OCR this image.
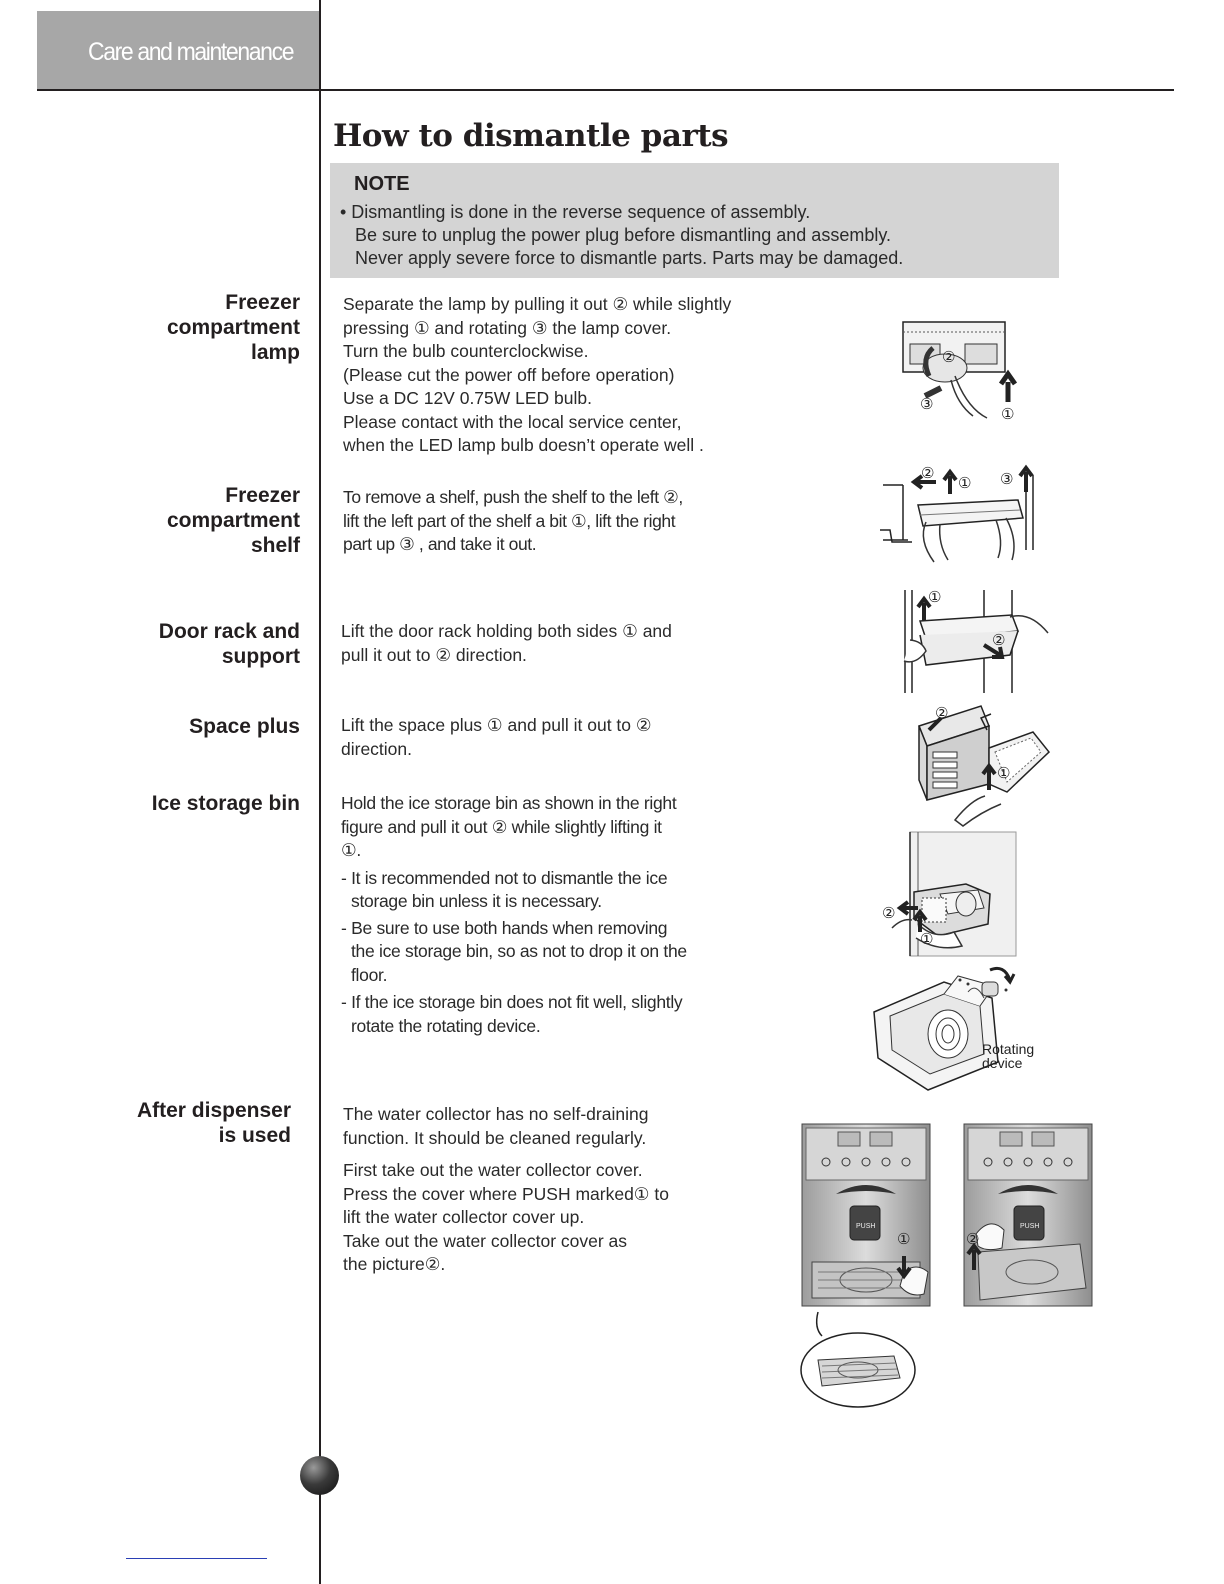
Care and maintenance
How to dismantle parts
NOTE
• Dismantling is done in the reverse sequence of assembly.
Be sure to unplug the power plug before dismantling and assembly.
Never apply severe force to dismantle parts. Parts may be damaged.
Freezer
compartment
lamp
Separate the lamp by pulling it out ② while slightly
pressing ① and rotating ③ the lamp cover.
Turn the bulb counterclockwise.
(Please cut the power off before operation)
Use a DC 12V 0.75W LED bulb.
Please contact with the local service center,
when the LED lamp bulb doesn’t operate well .
②
③
①
Freezer
compartment
shelf
To remove a shelf, push the shelf to the left ②,
lift the left part of the shelf a bit ①, lift the right
part up ③ , and take it out.
②
① ③
Door rack and
support
Lift the door rack holding both sides ① and
pull it out to ② direction.
①
②
Space plus Lift the space plus ① and pull it out to ②
direction.
②
①
Ice storage bin Hold the ice storage bin as shown in the right
figure and pull it out ② while slightly lifting it
①.
- It is recommended not to dismantle the ice
storage bin unless it is necessary.
- Be sure to use both hands when removing
the ice storage bin, so as not to drop it on the
floor.
- If the ice storage bin does not fit well, slightly
rotate the rotating device.
②
①
Rotating
device
After dispenser
is used
The water collector has no self-draining
function. It should be cleaned regularly.
First take out the water collector cover.
Press the cover where PUSH marked① to
lift the water collector cover up.
Take out the water collector cover as
the picture②.
PUSH
①
PUSH
②
